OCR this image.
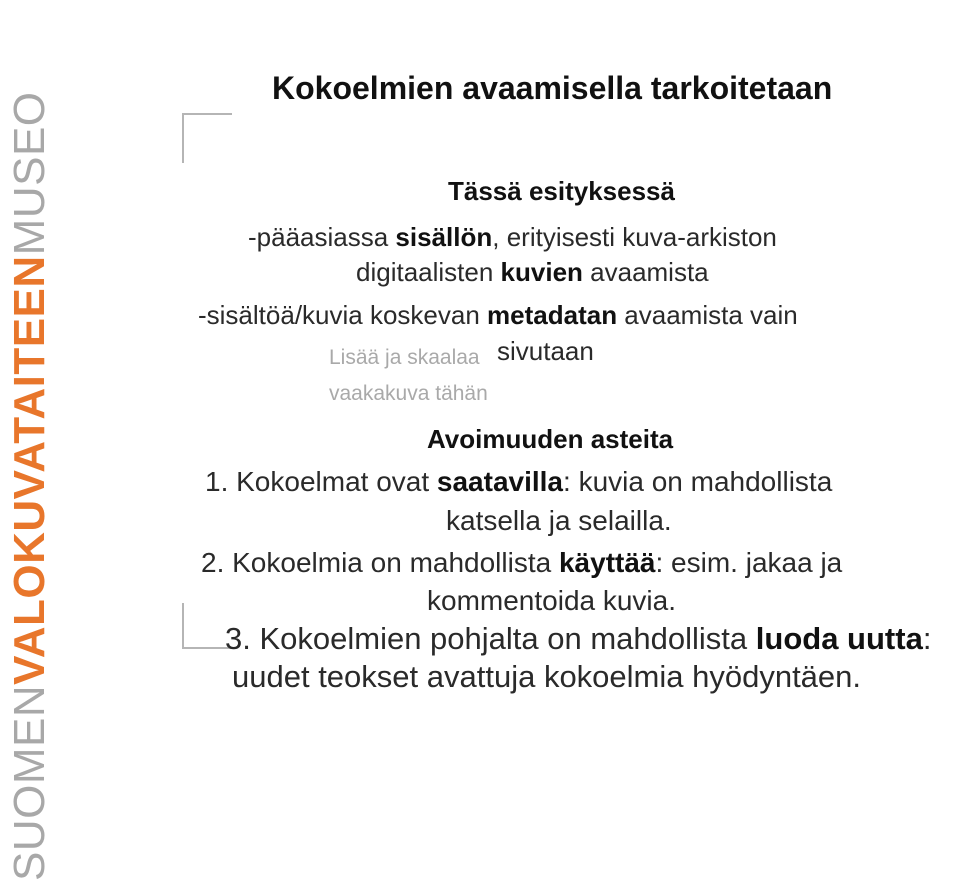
SUOMENVALOKUVATAITEENMUSEO
Kokoelmien avaamisella tarkoitetaan
Tässä esityksessä
-pääasiassa sisällön, erityisesti kuva-arkiston
digitaalisten kuvien avaamista
-sisältöä/kuvia koskevan metadatan avaamista vain
sivutaan
Lisää ja skaalaa
vaakakuva tähän
Avoimuuden asteita
1. Kokoelmat ovat saatavilla: kuvia on mahdollista
katsella ja selailla.
2. Kokoelmia on mahdollista käyttää: esim. jakaa ja
kommentoida kuvia.
3. Kokoelmien pohjalta on mahdollista luoda uutta:
uudet teokset avattuja kokoelmia hyödyntäen.
